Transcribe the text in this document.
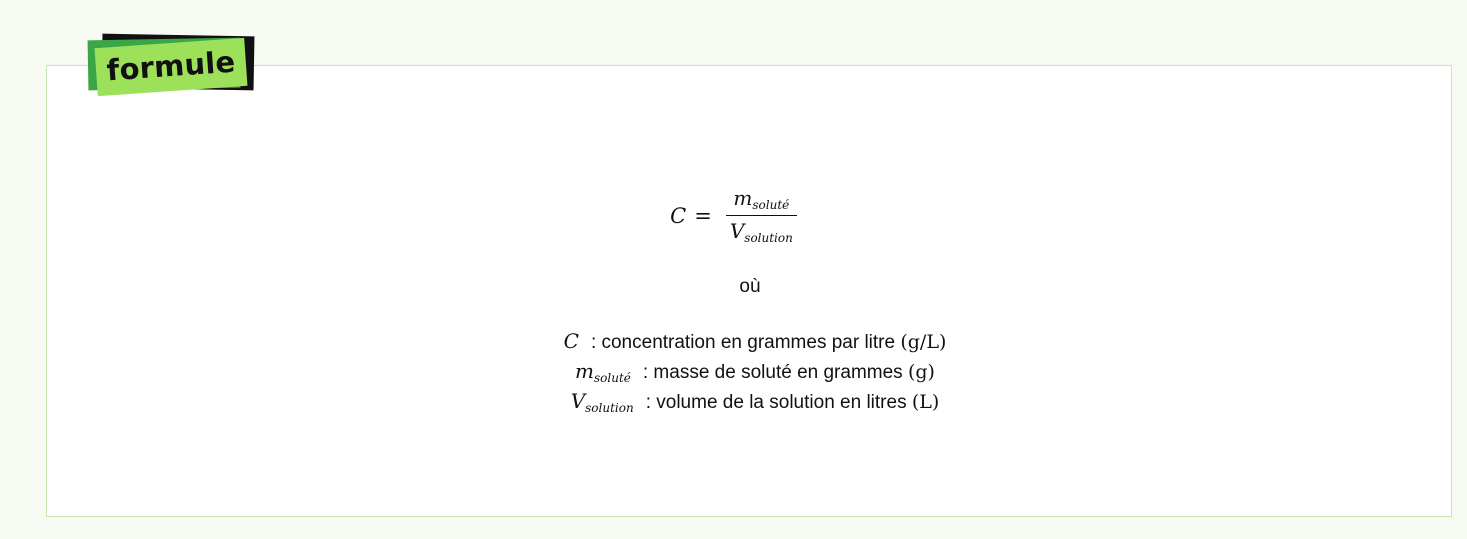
formule
$C = \frac{m_{soluté}}{V_{solution}}$
où
C : concentration en grammes par litre (g/L)
$m_{soluté}$ : masse de soluté en grammes (g)
$V_{solution}$ : volume de la solution en litres (L)
